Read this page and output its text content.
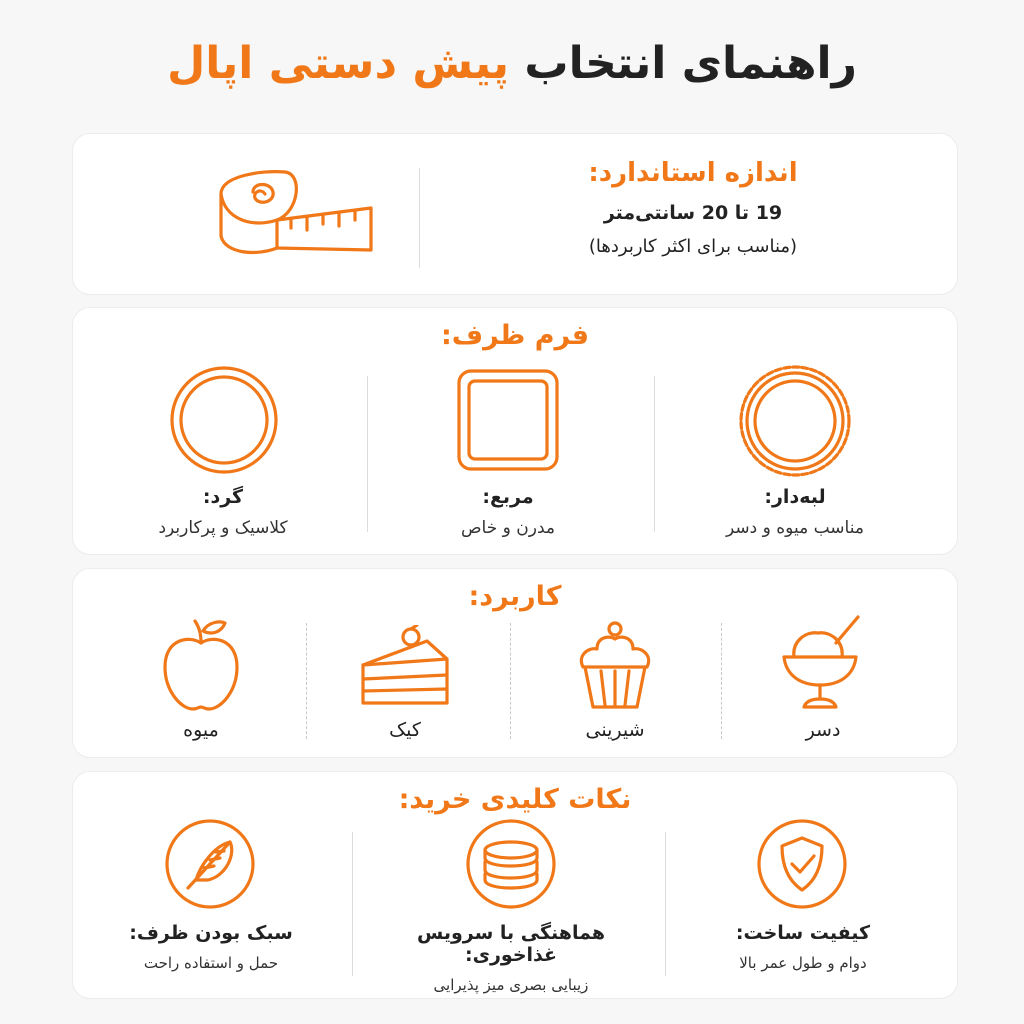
راهنمای انتخاب پیش دستی اپال
اندازه استاندارد:
19 تا 20 سانتی‌متر
(مناسب برای اکثر کاربردها)
فرم ظرف:
لبه‌دار:
مناسب میوه و دسر
مربع:
مدرن و خاص
گرد:
کلاسیک و پرکاربرد
کاربرد:
دسر
شیرینی
کیک
میوه
نکات کلیدی خرید:
کیفیت ساخت:
دوام و طول عمر بالا
هماهنگی با سرویس غذاخوری:
زیبایی بصری میز پذیرایی
سبک بودن ظرف:
حمل و استفاده راحت
